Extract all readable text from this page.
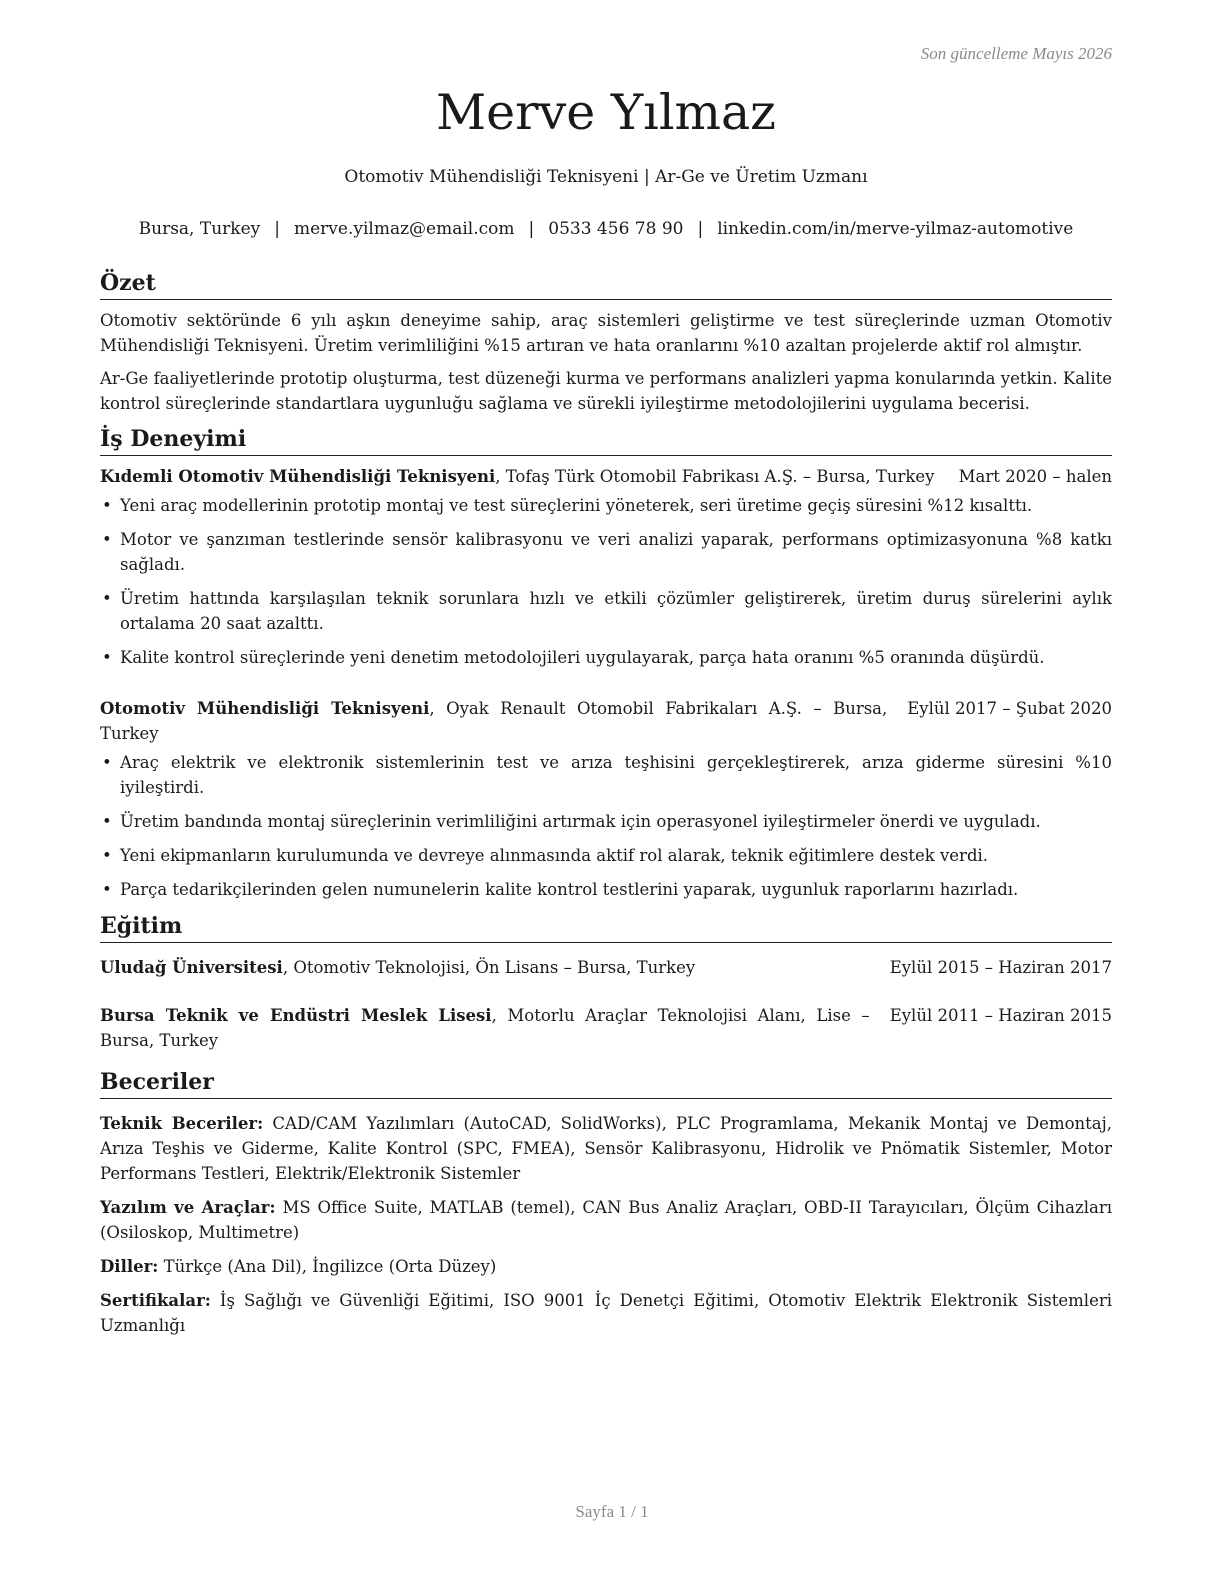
Son güncelleme Mayıs 2026
Merve Yılmaz
Otomotiv Mühendisliği Teknisyeni | Ar-Ge ve Üretim Uzmanı
Bursa, Turkey | merve.yilmaz@email.com | 0533 456 78 90 | linkedin.com/in/merve-yilmaz-automotive
Özet

Otomotiv sektöründe 6 yılı aşkın deneyime sahip, araç sistemleri geliştirme ve test süreçlerinde uzman Otomotiv Mühendisliği Teknisyeni. Üretim verimliliğini %15 artıran ve hata oranlarını %10 azaltan projelerde aktif rol almıştır.

Ar-Ge faaliyetlerinde prototip oluşturma, test düzeneği kurma ve performans analizleri yapma konularında yetkin. Kalite kontrol süreçlerinde standartlara uygunluğu sağlama ve sürekli iyileştirme metodolojilerini uygulama becerisi.

İş Deneyimi
Kıdemli Otomotiv Mühendisliği Teknisyeni, Tofaş Türk Otomobil Fabrikası A.Ş. – Bursa, Turkey	Mart 2020 – halen
• Yeni araç modellerinin prototip montaj ve test süreçlerini yöneterek, seri üretime geçiş süresini %12 kısalttı.
• Motor ve şanzıman testlerinde sensör kalibrasyonu ve veri analizi yaparak, performans optimizasyonuna %8 katkı sağladı.
• Üretim hattında karşılaşılan teknik sorunlara hızlı ve etkili çözümler geliştirerek, üretim duruş sürelerini aylık ortalama 20 saat azalttı.
• Kalite kontrol süreçlerinde yeni denetim metodolojileri uygulayarak, parça hata oranını %5 oranında düşürdü.
Otomotiv Mühendisliği Teknisyeni, Oyak Renault Otomobil Fabrikaları A.Ş. – Bursa, Turkey
Eylül 2017 – Şubat 2020
• Araç elektrik ve elektronik sistemlerinin test ve arıza teşhisini gerçekleştirerek, arıza giderme süresini %10 iyileştirdi.
• Üretim bandında montaj süreçlerinin verimliliğini artırmak için operasyonel iyileştirmeler önerdi ve uyguladı.
• Yeni ekipmanların kurulumunda ve devreye alınmasında aktif rol alarak, teknik eğitimlere destek verdi.
• Parça tedarikçilerinden gelen numunelerin kalite kontrol testlerini yaparak, uygunluk raporlarını hazırladı.
Eğitim
Uludağ Üniversitesi, Otomotiv Teknolojisi, Ön Lisans – Bursa, Turkey	Eylül 2015 – Haziran 2017
Bursa Teknik ve Endüstri Meslek Lisesi, Motorlu Araçlar Teknolojisi Alanı, Lise – Bursa, Turkey
Eylül 2011 – Haziran 2015
Beceriler

Teknik Beceriler: CAD/CAM Yazılımları (AutoCAD, SolidWorks), PLC Programlama, Mekanik Montaj ve Demontaj, Arıza Teşhis ve Giderme, Kalite Kontrol (SPC, FMEA), Sensör Kalibrasyonu, Hidrolik ve Pnömatik Sistemler, Motor Performans Testleri, Elektrik/Elektronik Sistemler

Yazılım ve Araçlar: MS Office Suite, MATLAB (temel), CAN Bus Analiz Araçları, OBD-II Tarayıcıları, Ölçüm Cihazları (Osiloskop, Multimetre)

Diller: Türkçe (Ana Dil), İngilizce (Orta Düzey)

Sertifikalar: İş Sağlığı ve Güvenliği Eğitimi, ISO 9001 İç Denetçi Eğitimi, Otomotiv Elektrik Elektronik Sistemleri Uzmanlığı

Sayfa 1 / 1
